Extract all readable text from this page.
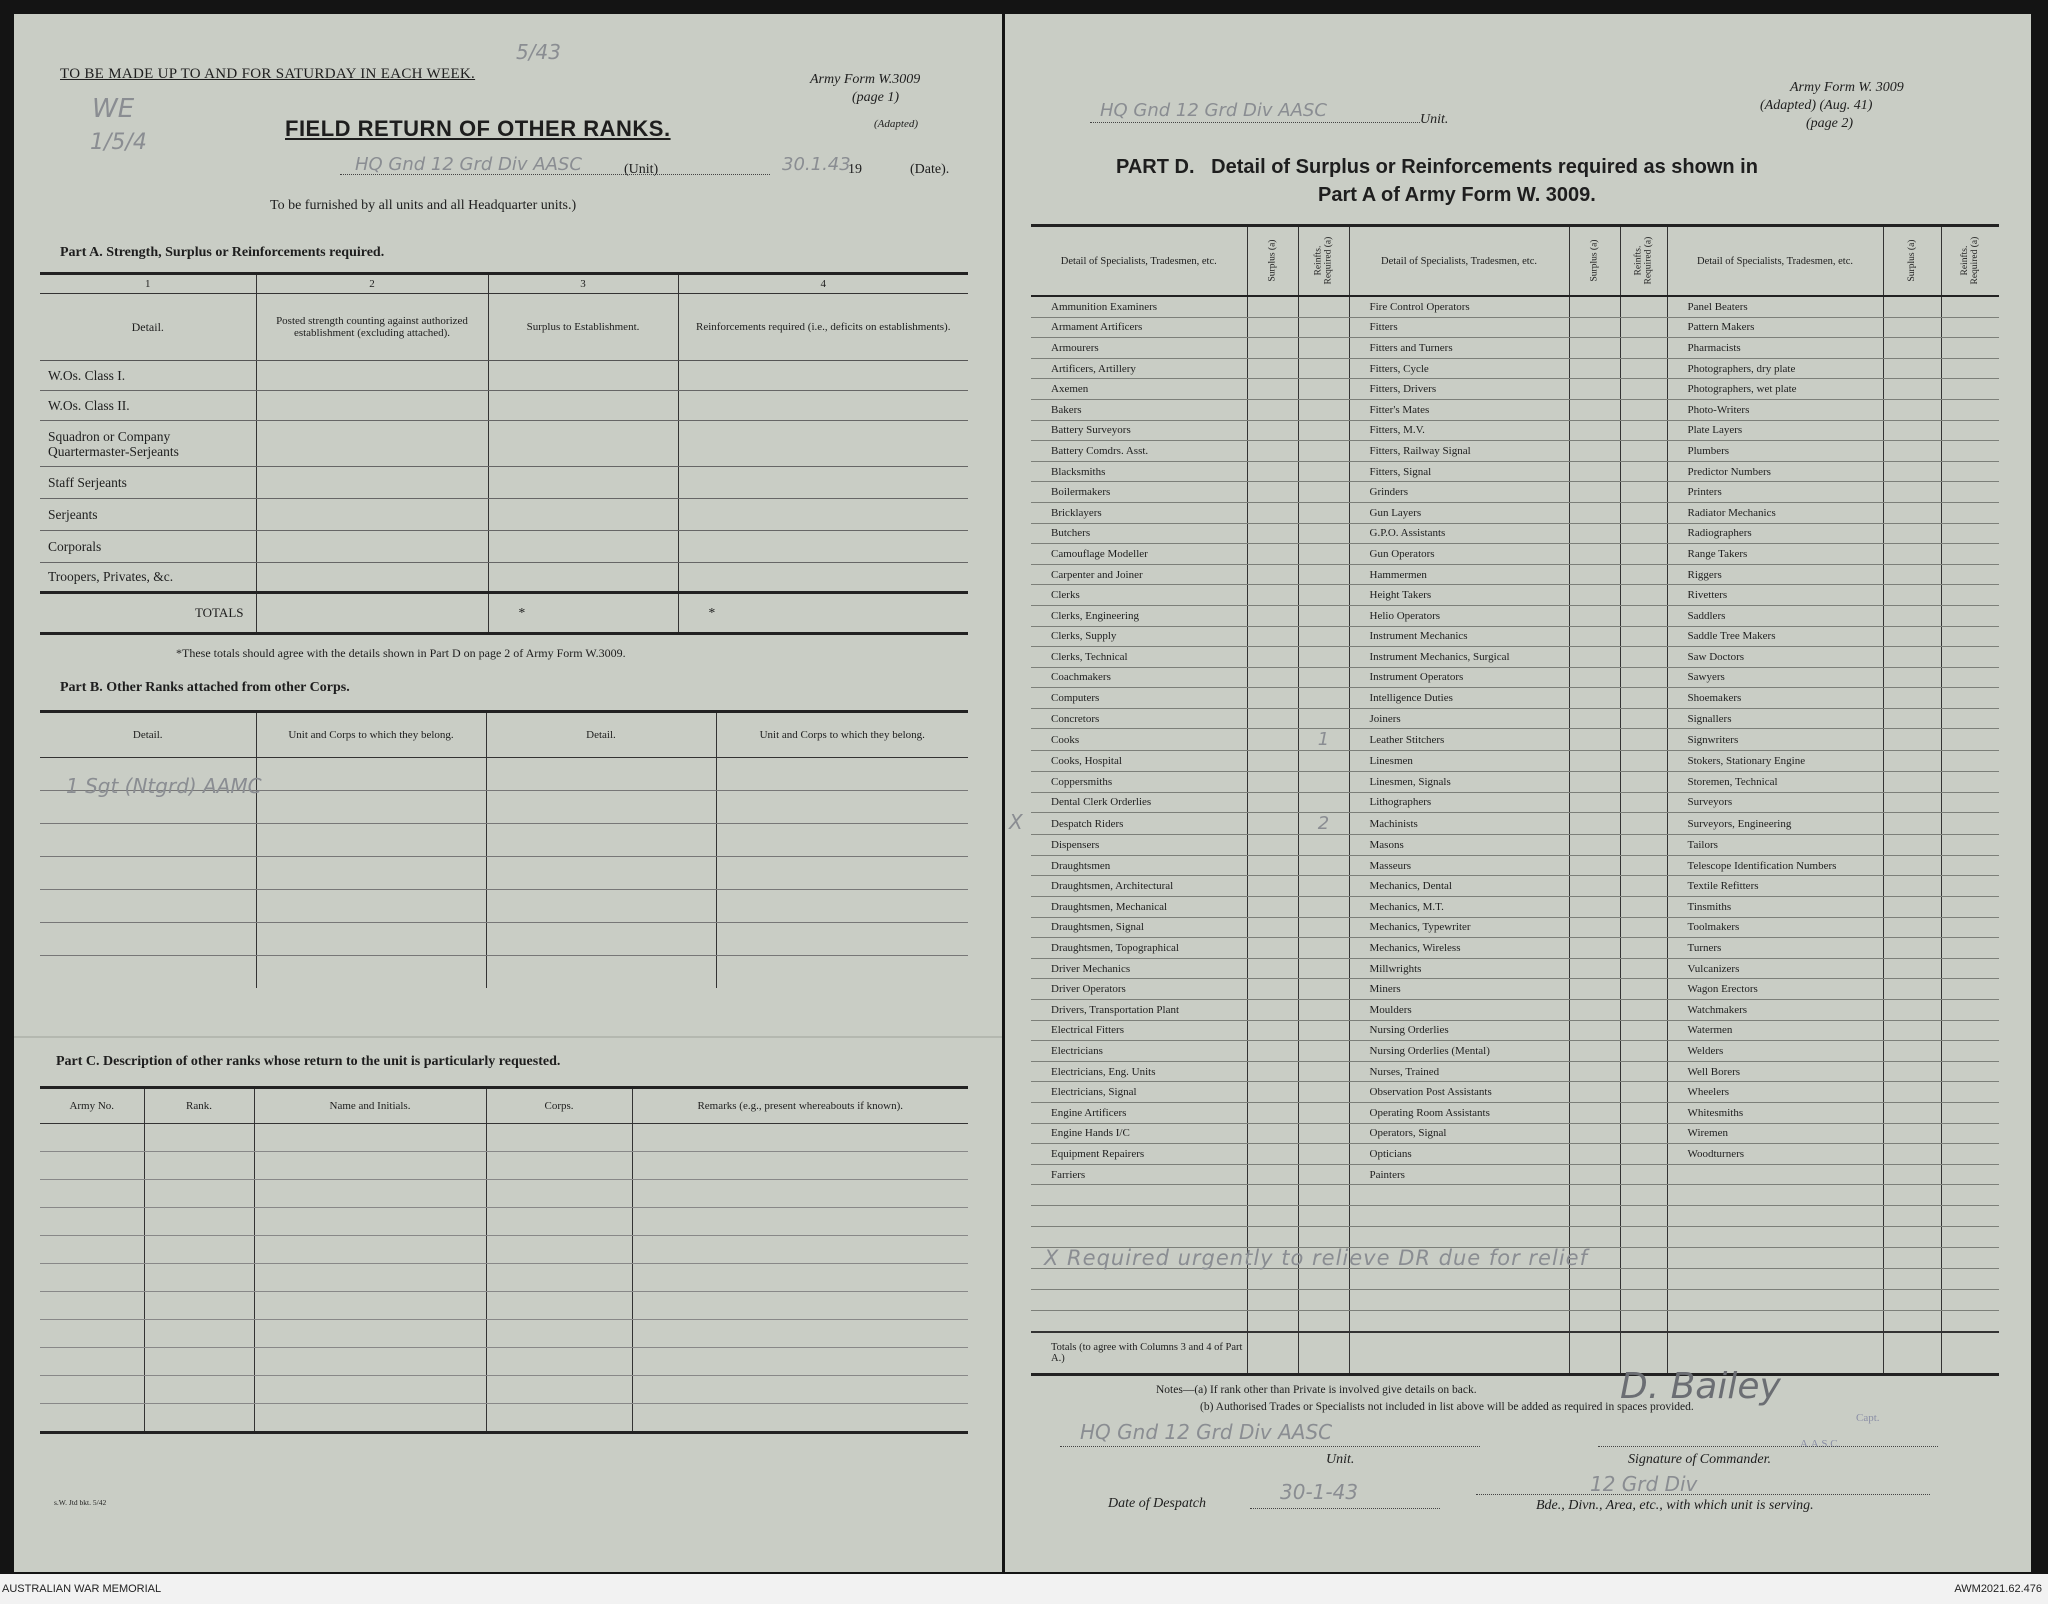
TO BE MADE UP TO AND FOR SATURDAY IN EACH WEEK.
5/43
Army Form W.3009
(page 1)
(Adapted)
WE
1/5/4
FIELD RETURN OF OTHER RANKS.
HQ Gnd 12 Grd Div AASC	(Unit)	30.1.43
19	(Date).
To be furnished by all units and all Headquarter units.)
Part A. Strength, Surplus or Reinforcements required.
1	2	3	4
Detail.	Posted strength counting against authorized establishment (excluding attached).	Surplus to Establishment.	Reinforcements required (i.e., deficits on establishments).
W.Os. Class I.			
W.Os. Class II.			
Squadron or Company Quartermaster-Serjeants			
Staff Serjeants			
Serjeants			
Corporals			
Troopers, Privates, &c.			
TOTALS		*	*
*These totals should agree with the details shown in Part D on page 2 of Army Form W.3009.
Part B. Other Ranks attached from other Corps.
Detail.	Unit and Corps to which they belong.	Detail.	Unit and Corps to which they belong.

1 Sgt (Ntgrd) AAMC
Part C. Description of other ranks whose return to the unit is particularly requested.
Army No.	Rank.	Name and Initials.	Corps.	Remarks (e.g., present whereabouts if known).

s.W. Jtd bkt. 5/42
HQ Gnd 12 Grd Div AASC	Unit.
Army Form W. 3009
(Adapted) (Aug. 41)
(page 2)
PART D.   Detail of Surplus or Reinforcements required as shown in
Part A of Army Form W. 3009.
Detail of Specialists, Tradesmen, etc.	Surplus (a)	Reinfts. Required (a)	Detail of Specialists, Tradesmen, etc.	Surplus (a)	Reinfts. Required (a)	Detail of Specialists, Tradesmen, etc.	Surplus (a)	Reinfts. Required (a)
Ammunition Examiners			Fire Control Operators			Panel Beaters		
Armament Artificers			Fitters			Pattern Makers		
Armourers			Fitters and Turners			Pharmacists		
Artificers, Artillery			Fitters, Cycle			Photographers, dry plate		
Axemen			Fitters, Drivers			Photographers, wet plate		
Bakers			Fitter's Mates			Photo-Writers		
Battery Surveyors			Fitters, M.V.			Plate Layers		
Battery Comdrs. Asst.			Fitters, Railway Signal			Plumbers		
Blacksmiths			Fitters, Signal			Predictor Numbers		
Boilermakers			Grinders			Printers		
Bricklayers			Gun Layers			Radiator Mechanics		
Butchers			G.P.O. Assistants			Radiographers		
Camouflage Modeller			Gun Operators			Range Takers		
Carpenter and Joiner			Hammermen			Riggers		
Clerks			Height Takers			Rivetters		
Clerks, Engineering			Helio Operators			Saddlers		
Clerks, Supply			Instrument Mechanics			Saddle Tree Makers		
Clerks, Technical			Instrument Mechanics, Surgical			Saw Doctors		
Coachmakers			Instrument Operators			Sawyers		
Computers			Intelligence Duties			Shoemakers		
Concretors			Joiners			Signallers		
Cooks		1	Leather Stitchers			Signwriters		
Cooks, Hospital			Linesmen			Stokers, Stationary Engine		
Coppersmiths			Linesmen, Signals			Storemen, Technical		
Dental Clerk Orderlies			Lithographers			Surveyors		

X Despatch Riders		2	Machinists			Surveyors, Engineering		
Dispensers			Masons			Tailors		
Draughtsmen			Masseurs			Telescope Identification Numbers		
Draughtsmen, Architectural			Mechanics, Dental			Textile Refitters		
Draughtsmen, Mechanical			Mechanics, M.T.			Tinsmiths		
Draughtsmen, Signal			Mechanics, Typewriter			Toolmakers		
Draughtsmen, Topographical			Mechanics, Wireless			Turners		
Driver Mechanics			Millwrights			Vulcanizers		
Driver Operators			Miners			Wagon Erectors		
Drivers, Transportation Plant			Moulders			Watchmakers		
Electrical Fitters			Nursing Orderlies			Watermen		
Electricians			Nursing Orderlies (Mental)			Welders		
Electricians, Eng. Units			Nurses, Trained			Well Borers		
Electricians, Signal			Observation Post Assistants			Wheelers		
Engine Artificers			Operating Room Assistants			Whitesmiths		
Engine Hands I/C			Operators, Signal			Wiremen		
Equipment Repairers			Opticians			Woodturners		
Farriers			Painters					

Totals (to agree with Columns 3 and 4 of Part A.)								
X Required urgently to relieve DR due for relief
Notes—(a) If rank other than Private is involved give details on back.
(b) Authorised Trades or Specialists not included in list above will be added as required in spaces provided.
D. Bailey
Capt.
A.A.S.C.
HQ Gnd 12 Grd Div AASC
Unit.	Signature of Commander.
Date of Despatch	30-1-43	12 Grd Div
Bde., Divn., Area, etc., with which unit is serving.
AUSTRALIAN WAR MEMORIAL	AWM2021.62.476
